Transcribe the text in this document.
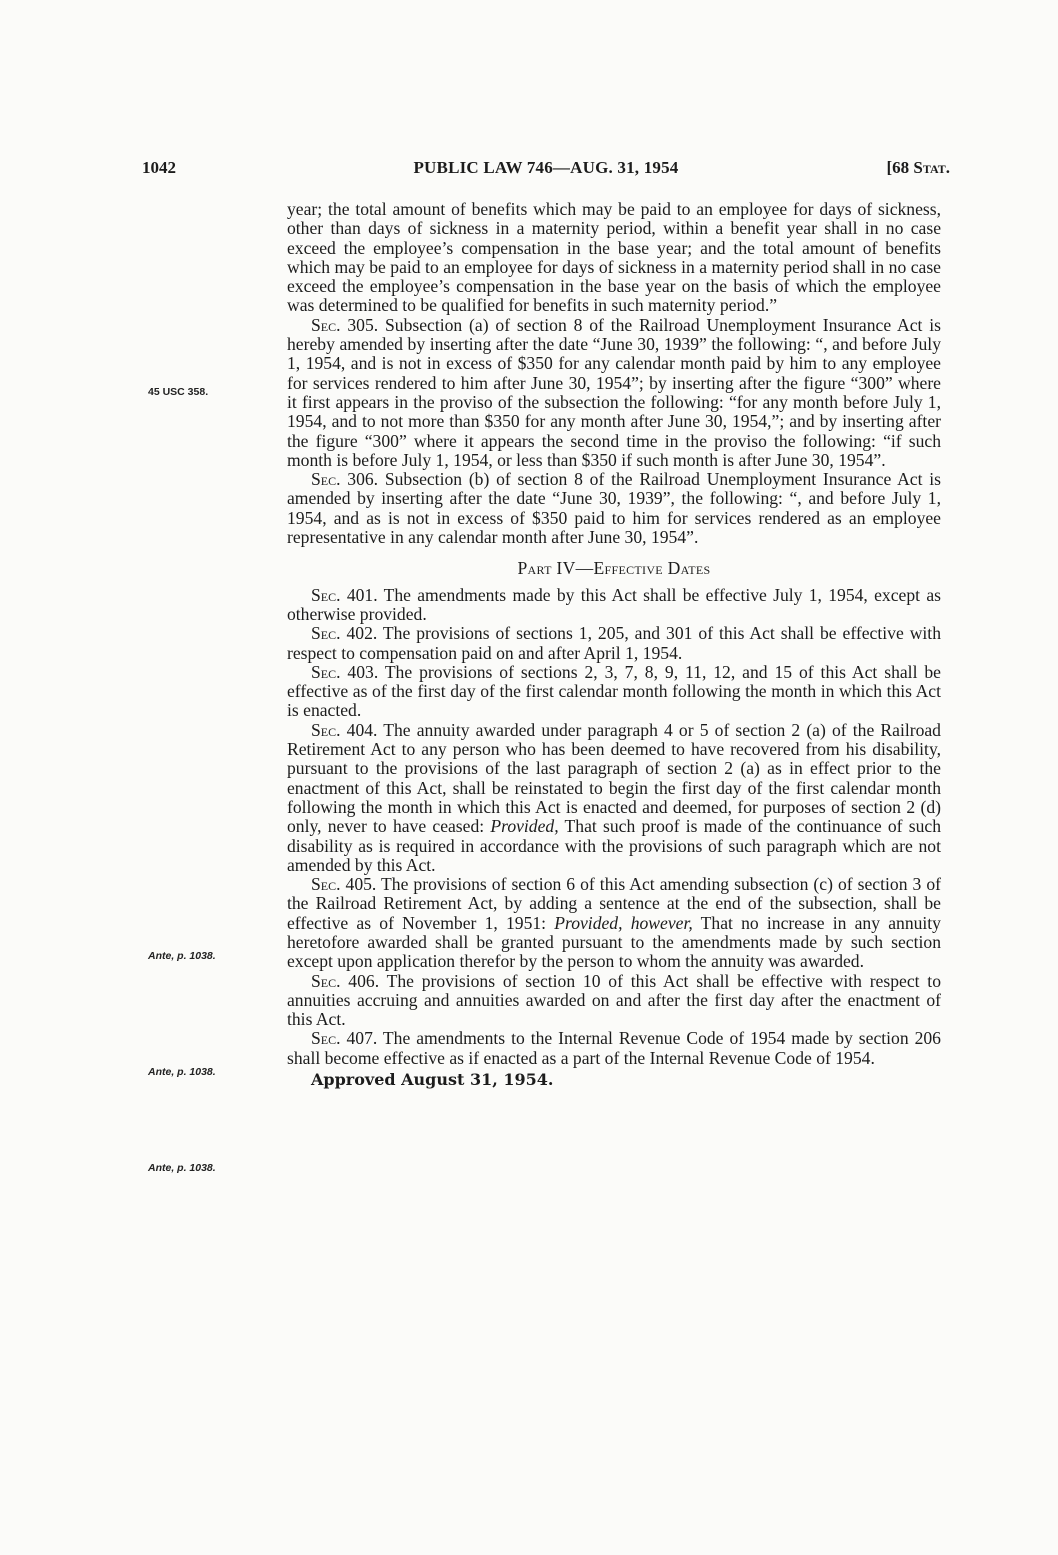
1042	PUBLIC LAW 746—AUG. 31, 1954	[68 Stat.
45 USC 358.
Ante, p. 1038.
Ante, p. 1038.
Ante, p. 1038.

year; the total amount of benefits which may be paid to an employee for days of sickness, other than days of sickness in a maternity period, within a benefit year shall in no case exceed the employee’s compensation in the base year; and the total amount of benefits which may be paid to an employee for days of sickness in a maternity period shall in no case exceed the employee’s compensation in the base year on the basis of which the employee was determined to be qualified for benefits in such maternity period.”

Sec. 305. Subsection (a) of section 8 of the Railroad Unemployment Insurance Act is hereby amended by inserting after the date “June 30, 1939” the following: “, and before July 1, 1954, and is not in excess of $350 for any calendar month paid by him to any employee for services rendered to him after June 30, 1954”; by inserting after the figure “300” where it first appears in the proviso of the subsection the following: “for any month before July 1, 1954, and to not more than $350 for any month after June 30, 1954,”; and by inserting after the figure “300” where it appears the second time in the proviso the following: “if such month is before July 1, 1954, or less than $350 if such month is after June 30, 1954”.

Sec. 306. Subsection (b) of section 8 of the Railroad Unemployment Insurance Act is amended by inserting after the date “June 30, 1939”, the following: “, and before July 1, 1954, and as is not in excess of $350 paid to him for services rendered as an employee representative in any calendar month after June 30, 1954”.

Part IV—Effective Dates

Sec. 401. The amendments made by this Act shall be effective July 1, 1954, except as otherwise provided.

Sec. 402. The provisions of sections 1, 205, and 301 of this Act shall be effective with respect to compensation paid on and after April 1, 1954.

Sec. 403. The provisions of sections 2, 3, 7, 8, 9, 11, 12, and 15 of this Act shall be effective as of the first day of the first calendar month following the month in which this Act is enacted.

Sec. 404. The annuity awarded under paragraph 4 or 5 of section 2 (a) of the Railroad Retirement Act to any person who has been deemed to have recovered from his disability, pursuant to the provisions of the last paragraph of section 2 (a) as in effect prior to the enactment of this Act, shall be reinstated to begin the first day of the first calendar month following the month in which this Act is enacted and deemed, for purposes of section 2 (d) only, never to have ceased: Provided, That such proof is made of the continuance of such disability as is required in accordance with the provisions of such paragraph which are not amended by this Act.

Sec. 405. The provisions of section 6 of this Act amending subsection (c) of section 3 of the Railroad Retirement Act, by adding a sentence at the end of the subsection, shall be effective as of November 1, 1951: Provided, however, That no increase in any annuity heretofore awarded shall be granted pursuant to the amendments made by such section except upon application therefor by the person to whom the annuity was awarded.

Sec. 406. The provisions of section 10 of this Act shall be effective with respect to annuities accruing and annuities awarded on and after the first day after the enactment of this Act.

Sec. 407. The amendments to the Internal Revenue Code of 1954 made by section 206 shall become effective as if enacted as a part of the Internal Revenue Code of 1954.

Approved August 31, 1954.
